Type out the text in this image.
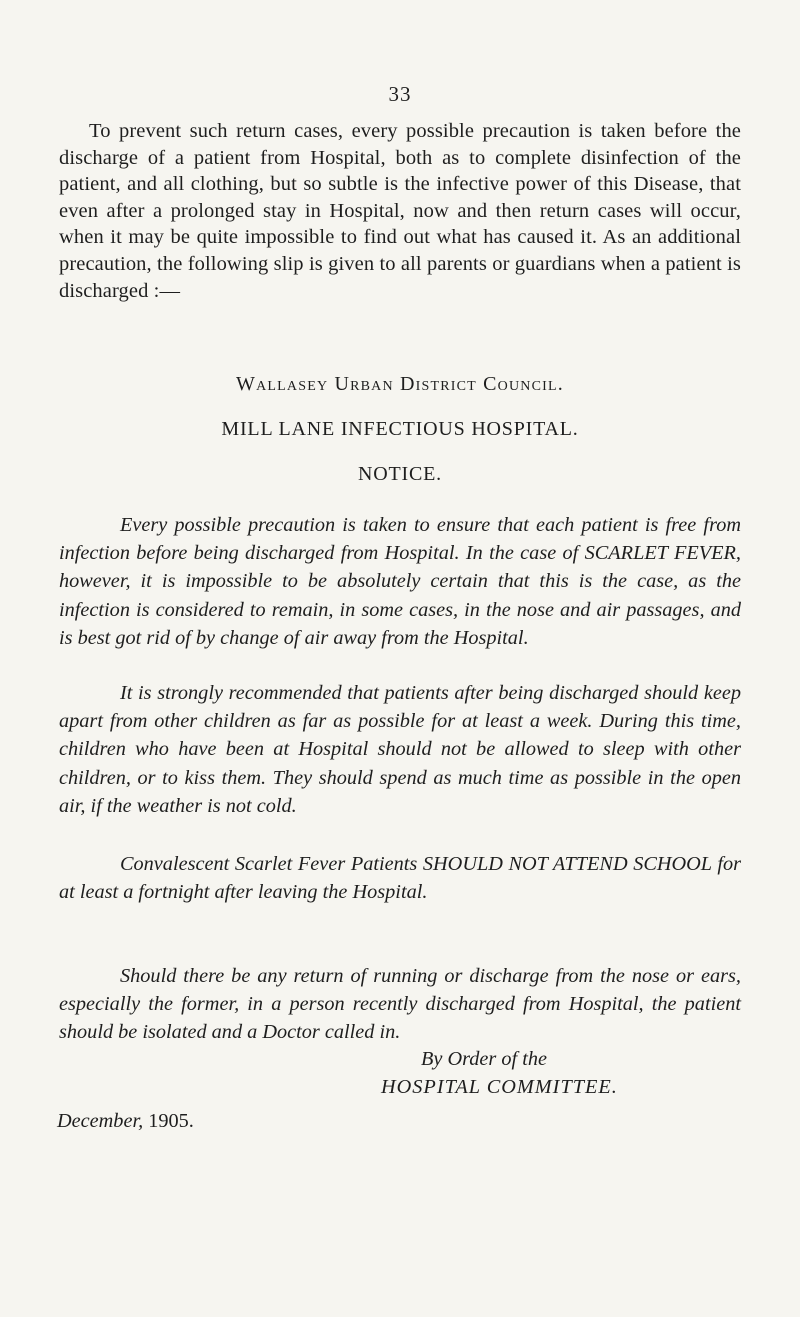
33

To prevent such return cases, every possible precaution is taken before the discharge of a patient from Hospital, both as to complete disinfection of the patient, and all clothing, but so subtle is the infective power of this Disease, that even after a prolonged stay in Hospital, now and then return cases will occur, when it may be quite impossible to find out what has caused it. As an additional precaution, the following slip is given to all parents or guardians when a patient is discharged :—

Wallasey Urban District Council.
MILL LANE INFECTIOUS HOSPITAL.
NOTICE.

Every possible precaution is taken to ensure that each patient is free from infection before being discharged from Hospital. In the case of SCARLET FEVER, however, it is impossible to be absolutely certain that this is the case, as the infection is considered to remain, in some cases, in the nose and air passages, and is best got rid of by change of air away from the Hospital.

It is strongly recommended that patients after being discharged should keep apart from other children as far as possible for at least a week. During this time, children who have been at Hospital should not be allowed to sleep with other children, or to kiss them. They should spend as much time as possible in the open air, if the weather is not cold.

Convalescent Scarlet Fever Patients SHOULD NOT ATTEND SCHOOL for at least a fortnight after leaving the Hospital.

Should there be any return of running or discharge from the nose or ears, especially the former, in a person recently discharged from Hospital, the patient should be isolated and a Doctor called in.

By Order of the

HOSPITAL COMMITTEE.

December, 1905.
